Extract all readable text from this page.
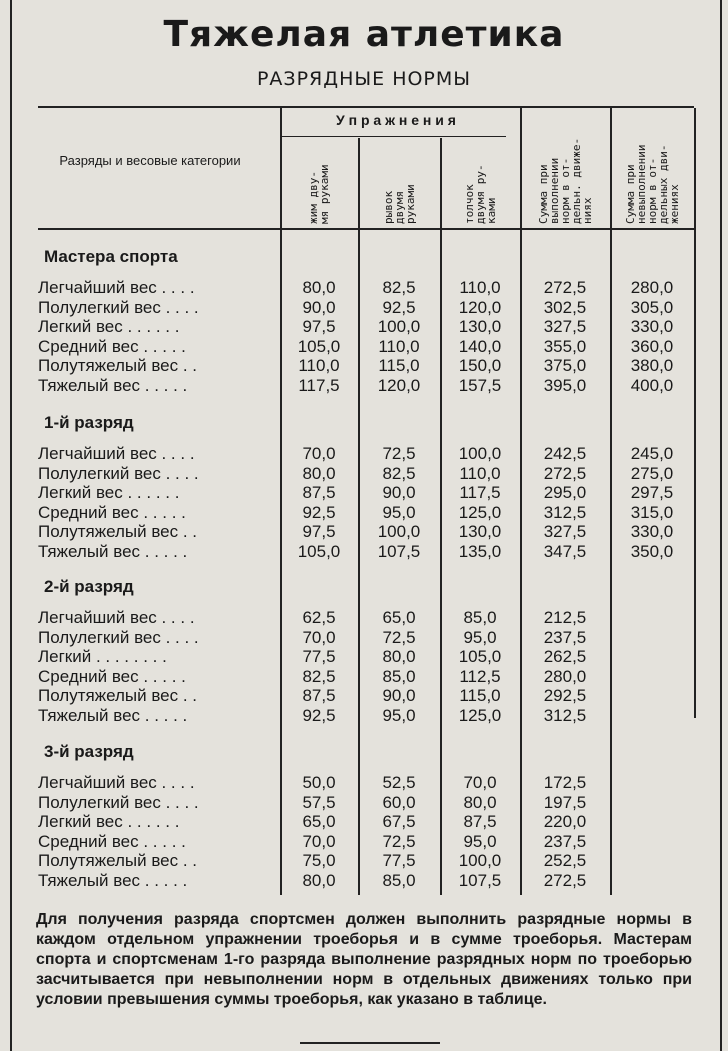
Тяжелая атлетика
РАЗРЯДНЫЕ НОРМЫ
Разряды и весовые категории
У п р а ж н е н и я
жим дву-
мя руками
рывок
двумя
руками	толчок
двумя ру-
ками	Сумма при
выполнении
норм в от-
дельн. движе-
ниях	Сумма при
невыполнении
норм в от-
дельных дви-
жениях
Мастера спорта
Легчайший вес . . . .	80,0	82,5	110,0	272,5	280,0
Полулегкий вес . . . .	90,0	92,5	120,0	302,5	305,0
Легкий вес . . . . . .	97,5	100,0	130,0	327,5	330,0
Средний вес . . . . .	105,0	110,0	140,0	355,0	360,0
Полутяжелый вес . .	110,0	115,0	150,0	375,0	380,0
Тяжелый вес . . . . .	117,5	120,0	157,5	395,0	400,0
1-й разряд
Легчайший вес . . . .	70,0	72,5	100,0	242,5	245,0
Полулегкий вес . . . .	80,0	82,5	110,0	272,5	275,0
Легкий вес . . . . . .	87,5	90,0	117,5	295,0	297,5
Средний вес . . . . .	92,5	95,0	125,0	312,5	315,0
Полутяжелый вес . .	97,5	100,0	130,0	327,5	330,0
Тяжелый вес . . . . .	105,0	107,5	135,0	347,5	350,0
2-й разряд
Легчайший вес . . . .	62,5	65,0	85,0	212,5
Полулегкий вес . . . .	70,0	72,5	95,0	237,5
Легкий . . . . . . . .	77,5	80,0	105,0	262,5
Средний вес . . . . .	82,5	85,0	112,5	280,0
Полутяжелый вес . .	87,5	90,0	115,0	292,5
Тяжелый вес . . . . .	92,5	95,0	125,0	312,5
3-й разряд
Легчайший вес . . . .	50,0	52,5	70,0	172,5
Полулегкий вес . . . .	57,5	60,0	80,0	197,5
Легкий вес . . . . . .	65,0	67,5	87,5	220,0
Средний вес . . . . .	70,0	72,5	95,0	237,5
Полутяжелый вес . .	75,0	77,5	100,0	252,5
Тяжелый вес . . . . .	80,0	85,0	107,5	272,5
Для получения разряда спортсмен должен выполнить разрядные нормы в каждом отдельном упражнении троеборья и в сумме троеборья. Мастерам спорта и спортсменам 1-го разряда выполнение разрядных норм по троеборью засчитывается при невыполнении норм в отдельных движениях только при условии превышения суммы троеборья, как указано в таблице.
